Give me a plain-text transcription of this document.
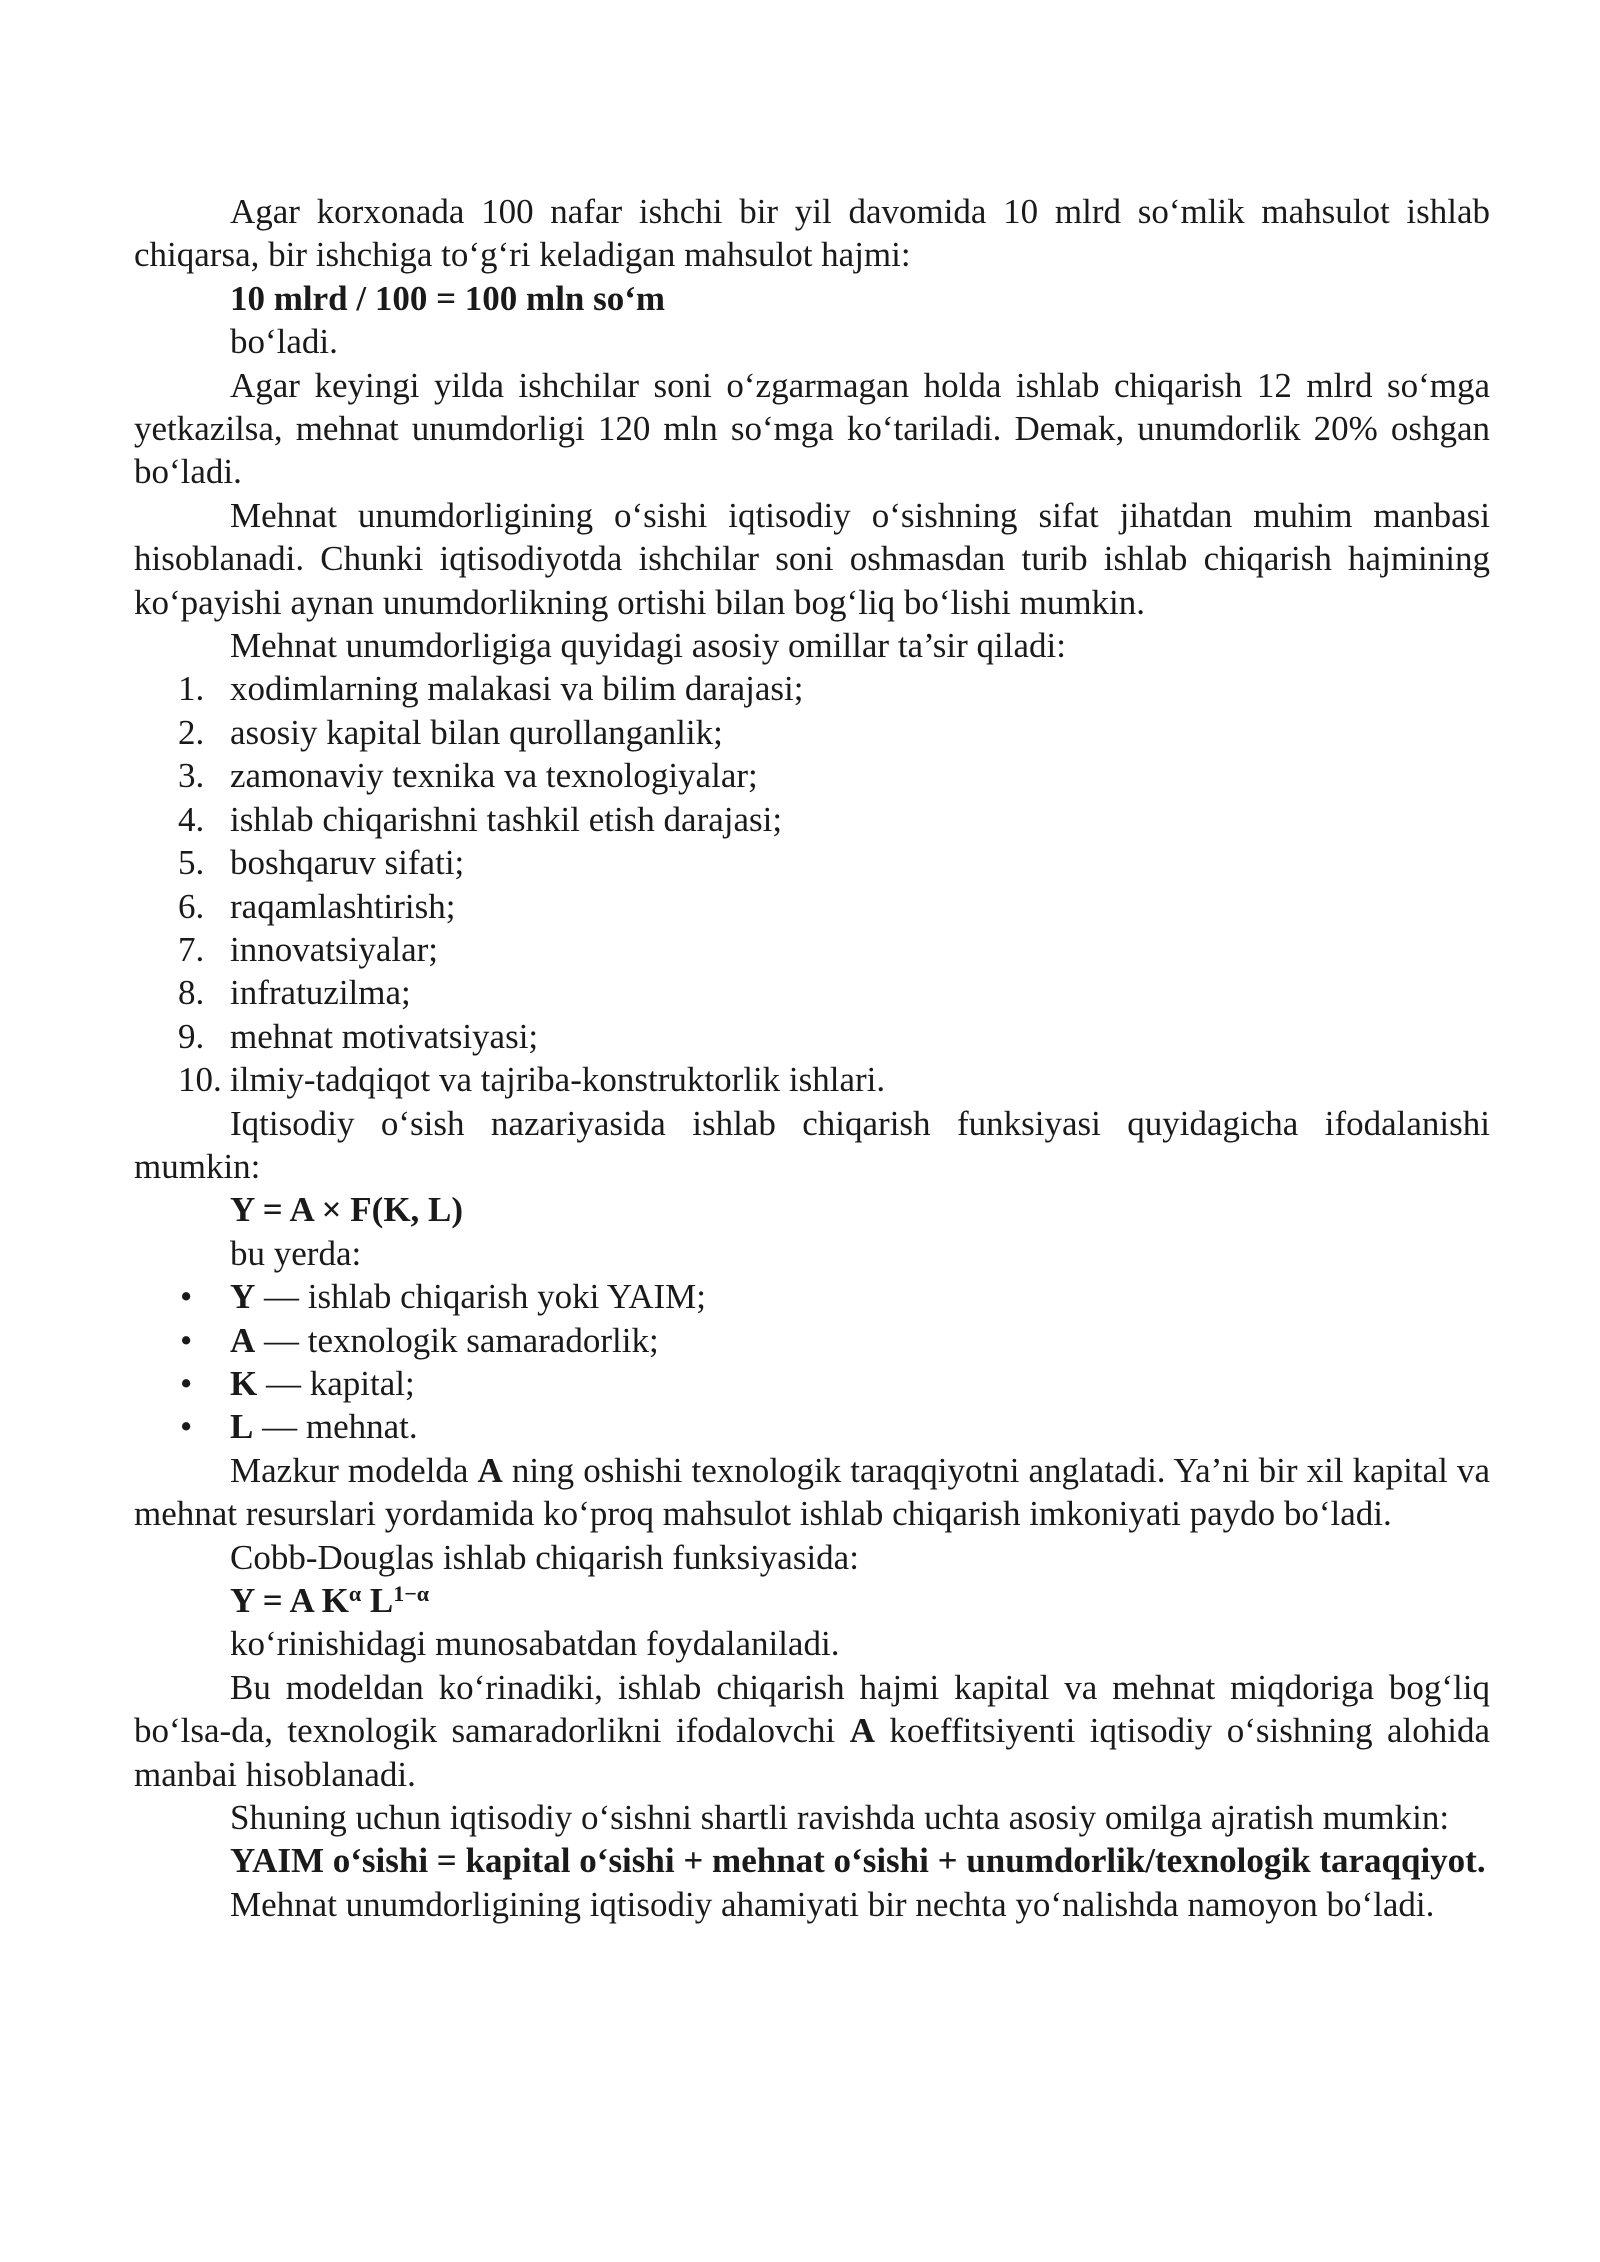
Agar korxonada 100 nafar ishchi bir yil davomida 10 mlrd so‘mlik mahsulot ishlab chiqarsa, bir ishchiga to‘g‘ri keladigan mahsulot hajmi:

10 mlrd / 100 = 100 mln so‘m

bo‘ladi.

Agar keyingi yilda ishchilar soni o‘zgarmagan holda ishlab chiqarish 12 mlrd so‘mga yetkazilsa, mehnat unumdorligi 120 mln so‘mga ko‘tariladi. Demak, unumdorlik 20% oshgan bo‘ladi.

Mehnat unumdorligining o‘sishi iqtisodiy o‘sishning sifat jihatdan muhim manbasi hisoblanadi. Chunki iqtisodiyotda ishchilar soni oshmasdan turib ishlab chiqarish hajmining ko‘payishi aynan unumdorlikning ortishi bilan bog‘liq bo‘lishi mumkin.

Mehnat unumdorligiga quyidagi asosiy omillar ta’sir qiladi:

1. xodimlarning malakasi va bilim darajasi;
2. asosiy kapital bilan qurollanganlik;
3. zamonaviy texnika va texnologiyalar;
4. ishlab chiqarishni tashkil etish darajasi;
5. boshqaruv sifati;
6. raqamlashtirish;
7. innovatsiyalar;
8. infratuzilma;
9. mehnat motivatsiyasi;
10. ilmiy-tadqiqot va tajriba-konstruktorlik ishlari.

Iqtisodiy o‘sish nazariyasida ishlab chiqarish funksiyasi quyidagicha ifodalanishi mumkin:

Y = A × F(K, L)

bu yerda:

• Y — ishlab chiqarish yoki YAIM;
• A — texnologik samaradorlik;
• K — kapital;
• L — mehnat.

Mazkur modelda A ning oshishi texnologik taraqqiyotni anglatadi. Ya’ni bir xil kapital va mehnat resurslari yordamida ko‘proq mahsulot ishlab chiqarish imkoniyati paydo bo‘ladi.

Cobb-Douglas ishlab chiqarish funksiyasida:

Y = A $K^\alpha$ $L^{1-\alpha}$

ko‘rinishidagi munosabatdan foydalaniladi.

Bu modeldan ko‘rinadiki, ishlab chiqarish hajmi kapital va mehnat miqdoriga bog‘liq bo‘lsa-da, texnologik samaradorlikni ifodalovchi A koeffitsiyenti iqtisodiy o‘sishning alohida manbai hisoblanadi.

Shuning uchun iqtisodiy o‘sishni shartli ravishda uchta asosiy omilga ajratish mumkin:

YAIM o‘sishi = kapital o‘sishi + mehnat o‘sishi + unumdorlik/texnologik taraqqiyot.

Mehnat unumdorligining iqtisodiy ahamiyati bir nechta yo‘nalishda namoyon bo‘ladi.
